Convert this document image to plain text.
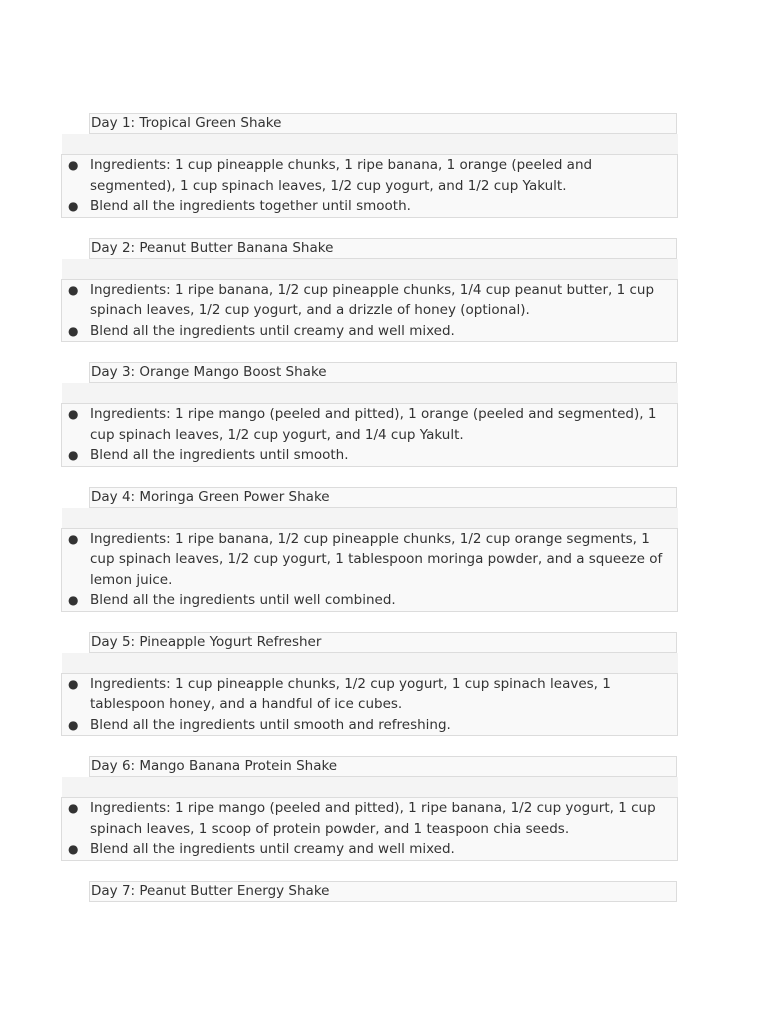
Day 1: Tropical Green Shake
● Ingredients: 1 cup pineapple chunks, 1 ripe banana, 1 orange (peeled and segmented), 1 cup spinach leaves, 1/2 cup yogurt, and 1/2 cup Yakult.
● Blend all the ingredients together until smooth.
Day 2: Peanut Butter Banana Shake
● Ingredients: 1 ripe banana, 1/2 cup pineapple chunks, 1/4 cup peanut butter, 1 cup spinach leaves, 1/2 cup yogurt, and a drizzle of honey (optional).
● Blend all the ingredients until creamy and well mixed.
Day 3: Orange Mango Boost Shake
● Ingredients: 1 ripe mango (peeled and pitted), 1 orange (peeled and segmented), 1 cup spinach leaves, 1/2 cup yogurt, and 1/4 cup Yakult.
● Blend all the ingredients until smooth.
Day 4: Moringa Green Power Shake
● Ingredients: 1 ripe banana, 1/2 cup pineapple chunks, 1/2 cup orange segments, 1 cup spinach leaves, 1/2 cup yogurt, 1 tablespoon moringa powder, and a squeeze of lemon juice.
● Blend all the ingredients until well combined.
Day 5: Pineapple Yogurt Refresher
● Ingredients: 1 cup pineapple chunks, 1/2 cup yogurt, 1 cup spinach leaves, 1 tablespoon honey, and a handful of ice cubes.
● Blend all the ingredients until smooth and refreshing.
Day 6: Mango Banana Protein Shake
● Ingredients: 1 ripe mango (peeled and pitted), 1 ripe banana, 1/2 cup yogurt, 1 cup spinach leaves, 1 scoop of protein powder, and 1 teaspoon chia seeds.
● Blend all the ingredients until creamy and well mixed.
Day 7: Peanut Butter Energy Shake
